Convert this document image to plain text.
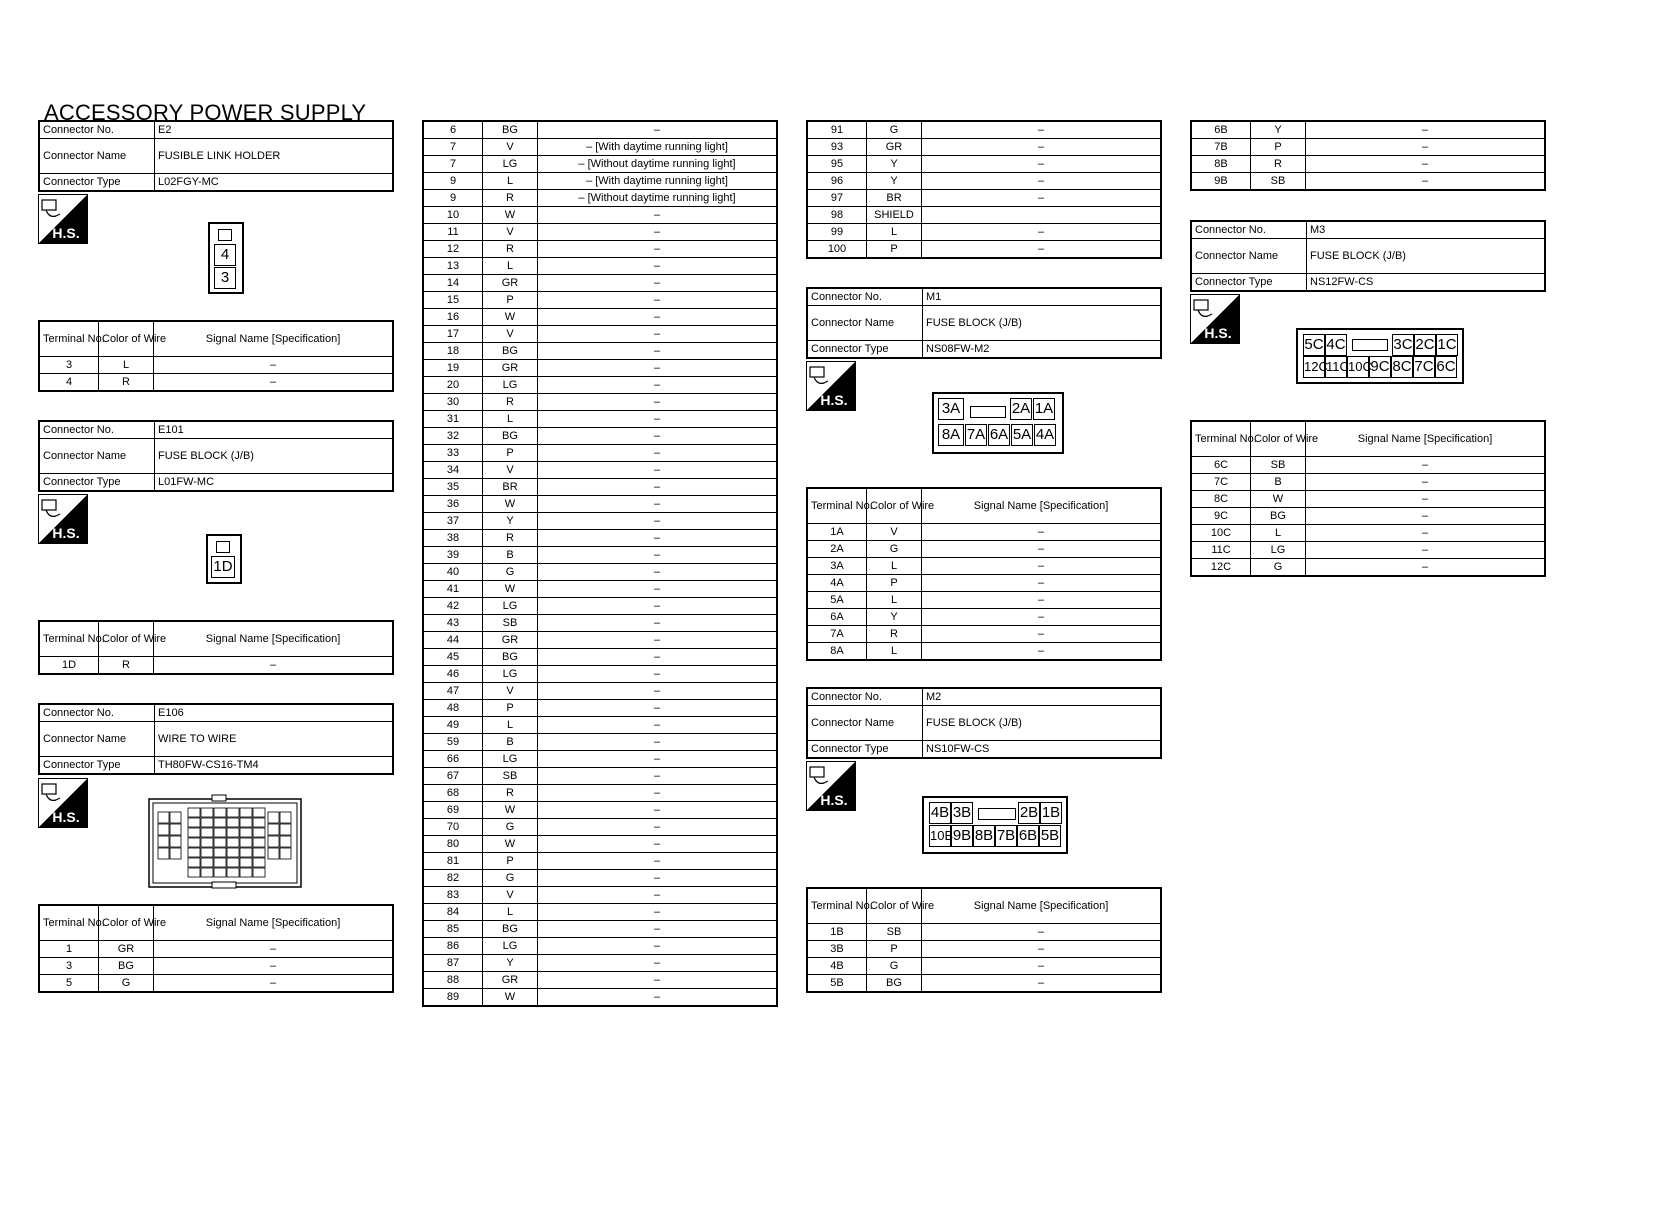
ACCESSORY POWER SUPPLY
Connector No.	E2
Connector Name	FUSIBLE LINK HOLDER
Connector Type	L02FGY-MC
H.S.
4
3
Terminal No.	Color of Wire	Signal Name [Specification]
3	L	–
4	R	–
Connector No.	E101
Connector Name	FUSE BLOCK (J/B)
Connector Type	L01FW-MC
H.S.
1D
Terminal No.	Color of Wire	Signal Name [Specification]
1D	R	–
Connector No.	E106
Connector Name	WIRE TO WIRE
Connector Type	TH80FW-CS16-TM4
H.S.
Terminal No.	Color of Wire	Signal Name [Specification]
1	GR	–
3	BG	–
5	G	–
6	BG	–
7	V	– [With daytime running light]
7	LG	– [Without daytime running light]
9	L	– [With daytime running light]
9	R	– [Without daytime running light]
10	W	–
11	V	–
12	R	–
13	L	–
14	GR	–
15	P	–
16	W	–
17	V	–
18	BG	–
19	GR	–
20	LG	–
30	R	–
31	L	–
32	BG	–
33	P	–
34	V	–
35	BR	–
36	W	–
37	Y	–
38	R	–
39	B	–
40	G	–
41	W	–
42	LG	–
43	SB	–
44	GR	–
45	BG	–
46	LG	–
47	V	–
48	P	–
49	L	–
59	B	–
66	LG	–
67	SB	–
68	R	–
69	W	–
70	G	–
80	W	–
81	P	–
82	G	–
83	V	–
84	L	–
85	BG	–
86	LG	–
87	Y	–
88	GR	–
89	W	–
91	G	–
93	GR	–
95	Y	–
96	Y	–
97	BR	–
98	SHIELD	
99	L	–
100	P	–
Connector No.	M1
Connector Name	FUSE BLOCK (J/B)
Connector Type	NS08FW-M2
H.S.	3A	2A 1A
8A 7A 6A 5A 4A
Terminal No.	Color of Wire	Signal Name [Specification]
1A	V	–
2A	G	–
3A	L	–
4A	P	–
5A	L	–
6A	Y	–
7A	R	–
8A	L	–
Connector No.	M2
Connector Name	FUSE BLOCK (J/B)
Connector Type	NS10FW-CS
H.S.
4B 3B	2B 1B
10B 9B 8B 7B 6B 5B
Terminal No.	Color of Wire	Signal Name [Specification]
1B	SB	–
3B	P	–
4B	G	–
5B	BG	–
6B	Y	–
7B	P	–
8B	R	–
9B	SB	–
Connector No.	M3
Connector Name	FUSE BLOCK (J/B)
Connector Type	NS12FW-CS
H.S.
5C 4C	3C 2C 1C
12C
11C 10C
9C 8C 7C 6C
Terminal No.	Color of Wire	Signal Name [Specification]
6C	SB	–
7C	B	–
8C	W	–
9C	BG	–
10C	L	–
11C	LG	–
12C	G	–
